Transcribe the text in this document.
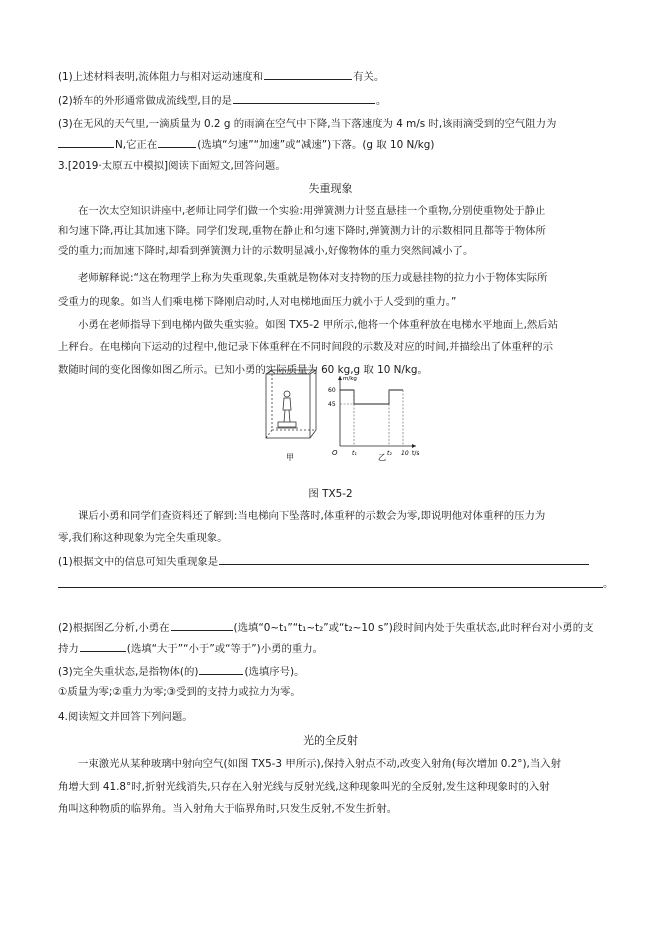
(1)上述材料表明,流体阻力与相对运动速度和	有关。
(2)轿车的外形通常做成流线型,目的是	。
(3)在无风的天气里,一滴质量为 0.2 g 的雨滴在空气中下降,当下落速度为 4 m/s 时,该雨滴受到的空气阻力为
N,它正在	(选填“匀速”“加速”或“减速”)下落。(g 取 10 N/kg)
3.[2019·太原五中模拟]阅读下面短文,回答问题。
失重现象
在一次太空知识讲座中,老师让同学们做一个实验:用弹簧测力计竖直悬挂一个重物,分别使重物处于静止
和匀速下降,再让其加速下降。同学们发现,重物在静止和匀速下降时,弹簧测力计的示数相同且都等于物体所
受的重力;而加速下降时,却看到弹簧测力计的示数明显减小,好像物体的重力突然间减小了。
老师解释说:“这在物理学上称为失重现象,失重就是物体对支持物的压力或悬挂物的拉力小于物体实际所
受重力的现象。如当人们乘电梯下降刚启动时,人对电梯地面压力就小于人受到的重力。”
小勇在老师指导下到电梯内做失重实验。如图 TX5-2 甲所示,他将一个体重秤放在电梯水平地面上,然后站
上秤台。在电梯向下运动的过程中,他记录下体重秤在不同时间段的示数及对应的时间,并描绘出了体重秤的示
数随时间的变化图像如图乙所示。已知小勇的实际质量为 60 kg,g 取 10 N/kg。
甲
m/kg
t/s
60
45
O t₁	t₂ 10
乙
图 TX5-2
课后小勇和同学们查资料还了解到:当电梯向下坠落时,体重秤的示数会为零,即说明他对体重秤的压力为
零,我们称这种现象为完全失重现象。
(1)根据文中的信息可知失重现象是
。
(2)根据图乙分析,小勇在	(选填“0~t₁”“t₁~t₂”或“t₂~10 s”)段时间内处于失重状态,此时秤台对小勇的支
持力	(选填“大于”“小于”或“等于”)小勇的重力。
(3)完全失重状态,是指物体(的)	(选填序号)。
①质量为零;②重力为零;③受到的支持力或拉力为零。
4.阅读短文并回答下列问题。
光的全反射
一束激光从某种玻璃中射向空气(如图 TX5-3 甲所示),保持入射点不动,改变入射角(每次增加 0.2°),当入射
角增大到 41.8°时,折射光线消失,只存在入射光线与反射光线,这种现象叫光的全反射,发生这种现象时的入射
角叫这种物质的临界角。当入射角大于临界角时,只发生反射,不发生折射。
